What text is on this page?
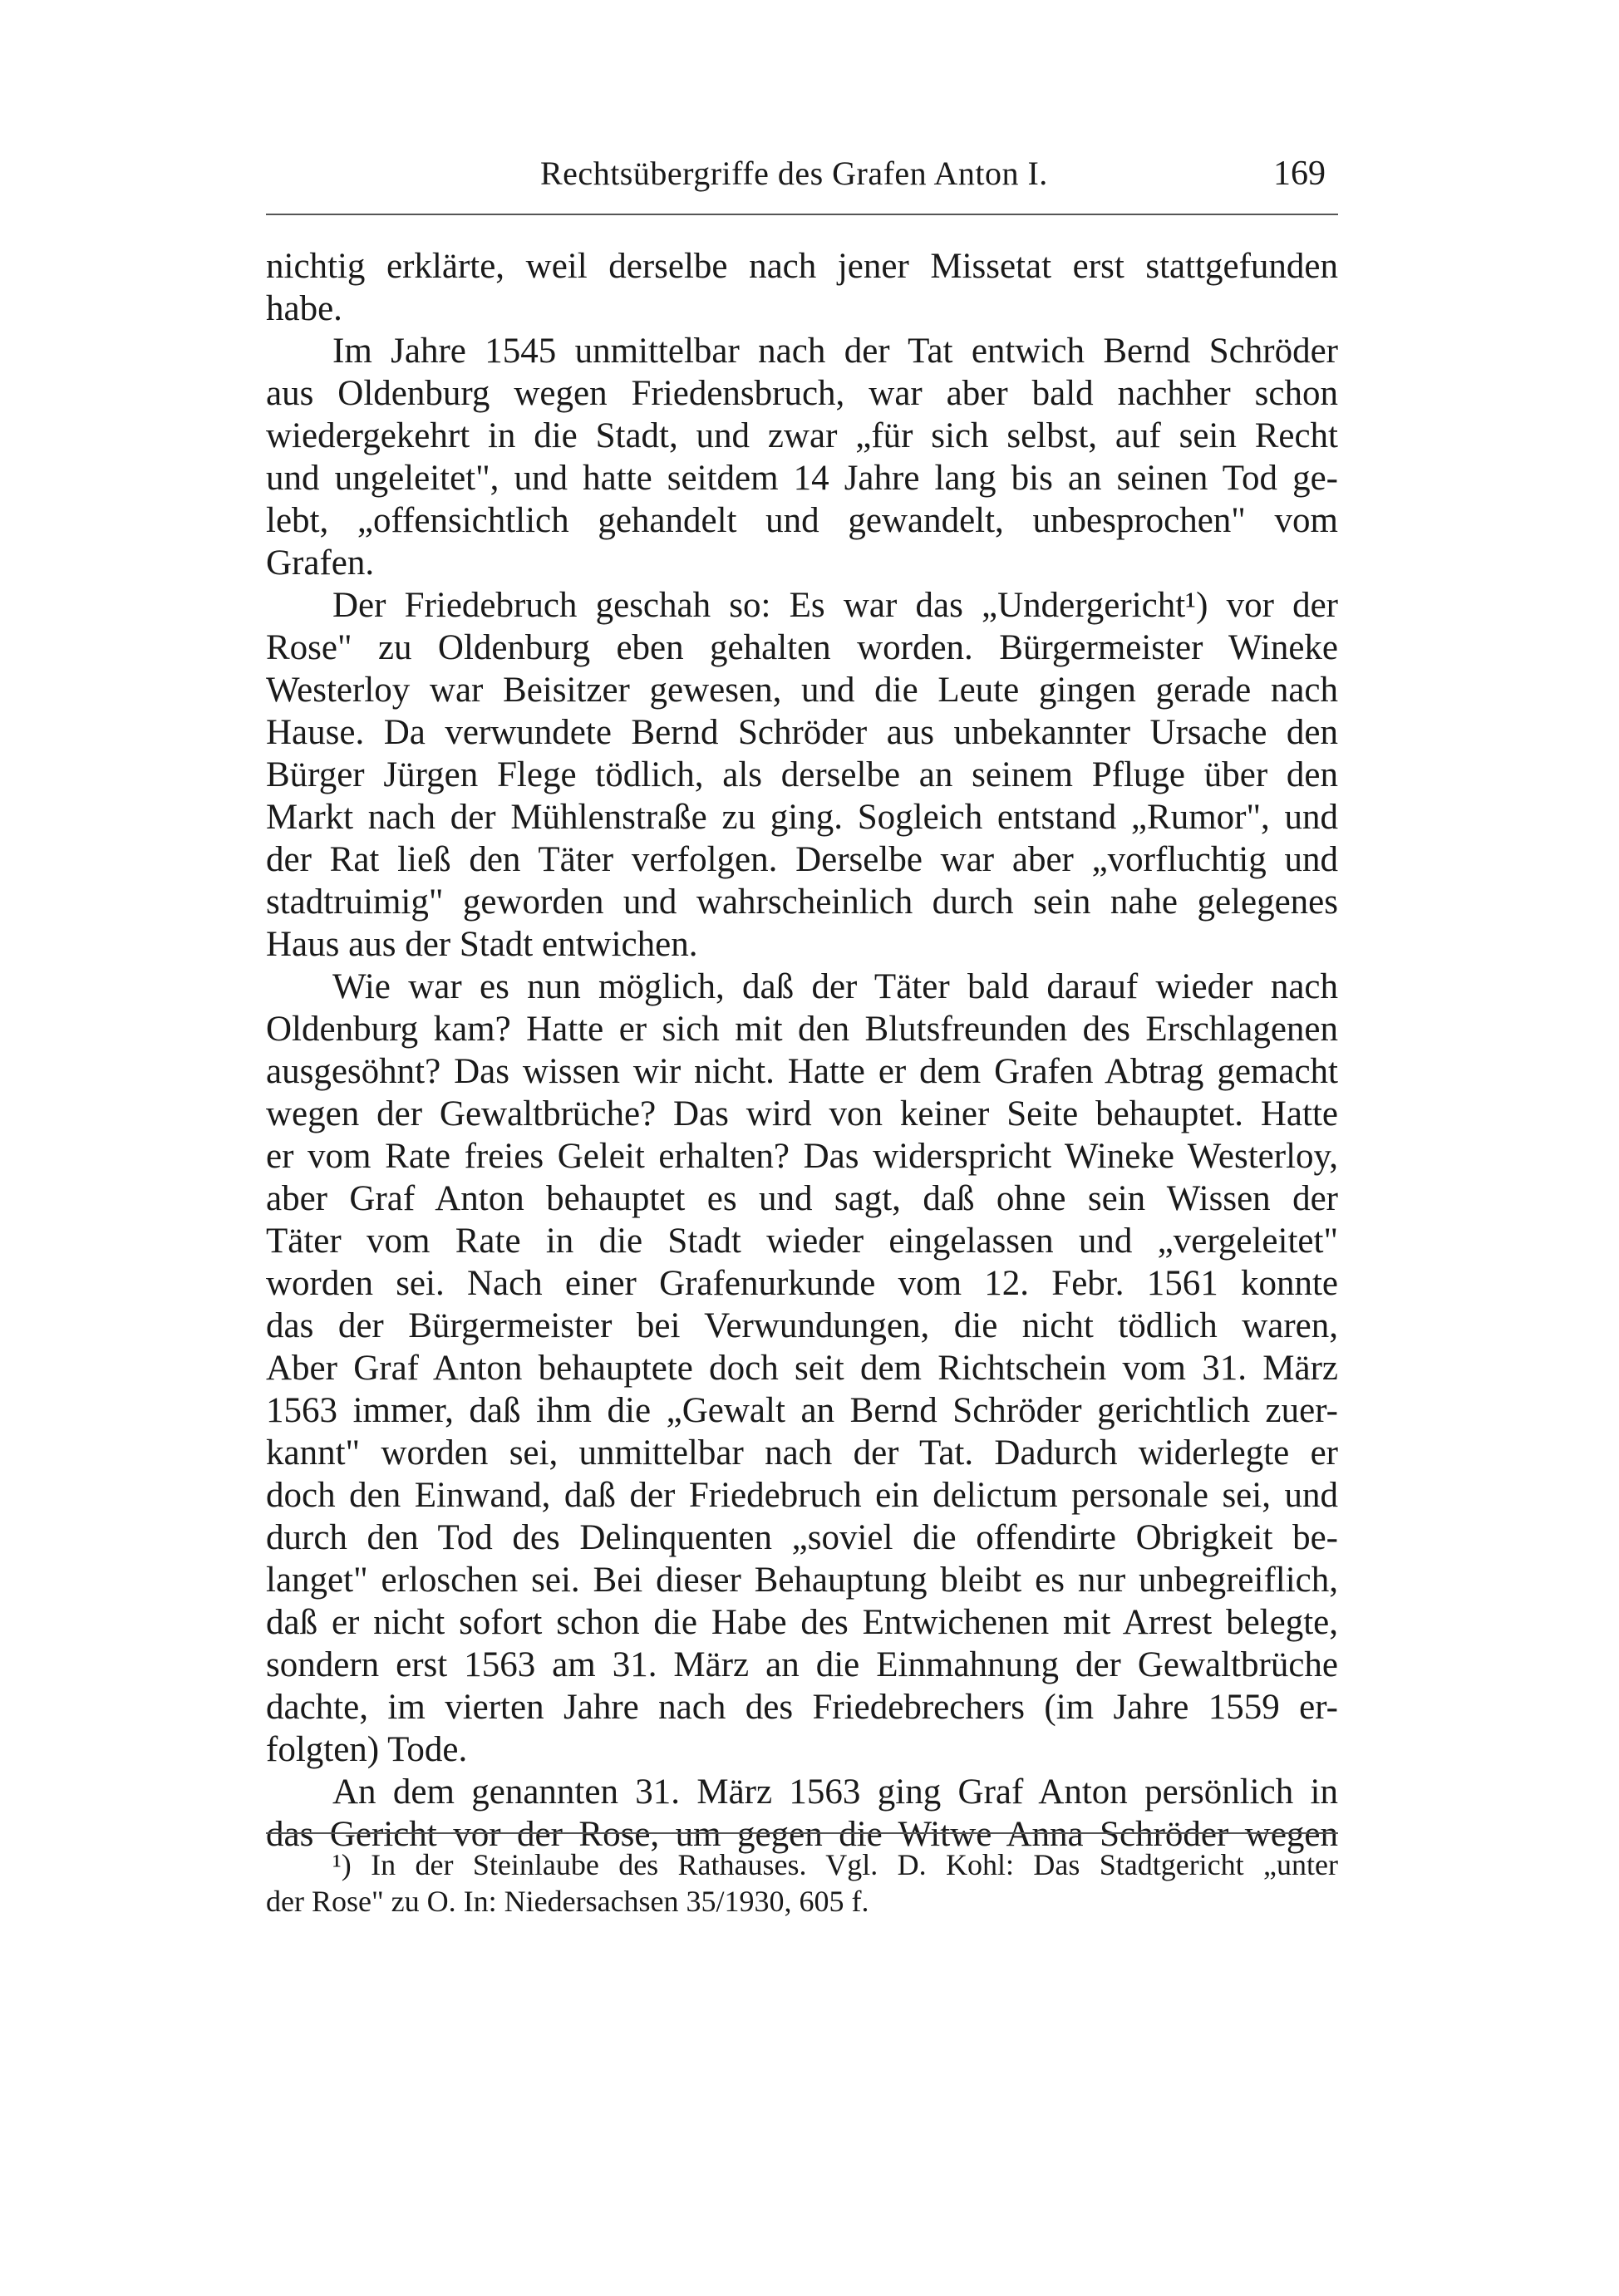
Rechtsübergriffe des Grafen Anton I.	169
nichtig erklärte, weil derselbe nach jener Missetat erst stattgefunden
habe.
Im Jahre 1545 unmittelbar nach der Tat entwich Bernd Schröder
aus Oldenburg wegen Friedensbruch, war aber bald nachher schon
wiedergekehrt in die Stadt, und zwar „für sich selbst, auf sein Recht
und ungeleitet", und hatte seitdem 14 Jahre lang bis an seinen Tod ge-
lebt, „offensichtlich gehandelt und gewandelt, unbesprochen" vom
Grafen.
Der Friedebruch geschah so: Es war das „Undergericht¹) vor der
Rose" zu Oldenburg eben gehalten worden. Bürgermeister Wineke
Westerloy war Beisitzer gewesen, und die Leute gingen gerade nach
Hause. Da verwundete Bernd Schröder aus unbekannter Ursache den
Bürger Jürgen Flege tödlich, als derselbe an seinem Pfluge über den
Markt nach der Mühlenstraße zu ging. Sogleich entstand „Rumor", und
der Rat ließ den Täter verfolgen. Derselbe war aber „vorfluchtig und
stadtruimig" geworden und wahrscheinlich durch sein nahe gelegenes
Haus aus der Stadt entwichen.
Wie war es nun möglich, daß der Täter bald darauf wieder nach
Oldenburg kam? Hatte er sich mit den Blutsfreunden des Erschlagenen
ausgesöhnt? Das wissen wir nicht. Hatte er dem Grafen Abtrag gemacht
wegen der Gewaltbrüche? Das wird von keiner Seite behauptet. Hatte
er vom Rate freies Geleit erhalten? Das widerspricht Wineke Westerloy,
aber Graf Anton behauptet es und sagt, daß ohne sein Wissen der
Täter vom Rate in die Stadt wieder eingelassen und „vergeleitet"
worden sei. Nach einer Grafenurkunde vom 12. Febr. 1561 konnte
das der Bürgermeister bei Verwundungen, die nicht tödlich waren,
Aber Graf Anton behauptete doch seit dem Richtschein vom 31. März
1563 immer, daß ihm die „Gewalt an Bernd Schröder gerichtlich zuer-
kannt" worden sei, unmittelbar nach der Tat. Dadurch widerlegte er
doch den Einwand, daß der Friedebruch ein delictum personale sei, und
durch den Tod des Delinquenten „soviel die offendirte Obrigkeit be-
langet" erloschen sei. Bei dieser Behauptung bleibt es nur unbegreiflich,
daß er nicht sofort schon die Habe des Entwichenen mit Arrest belegte,
sondern erst 1563 am 31. März an die Einmahnung der Gewaltbrüche
dachte, im vierten Jahre nach des Friedebrechers (im Jahre 1559 er-
folgten) Tode.
An dem genannten 31. März 1563 ging Graf Anton persönlich in
das Gericht vor der Rose, um gegen die Witwe Anna Schröder wegen
¹) In der Steinlaube des Rathauses. Vgl. D. Kohl: Das Stadtgericht „unter
der Rose" zu O. In: Niedersachsen 35/1930, 605 f.
